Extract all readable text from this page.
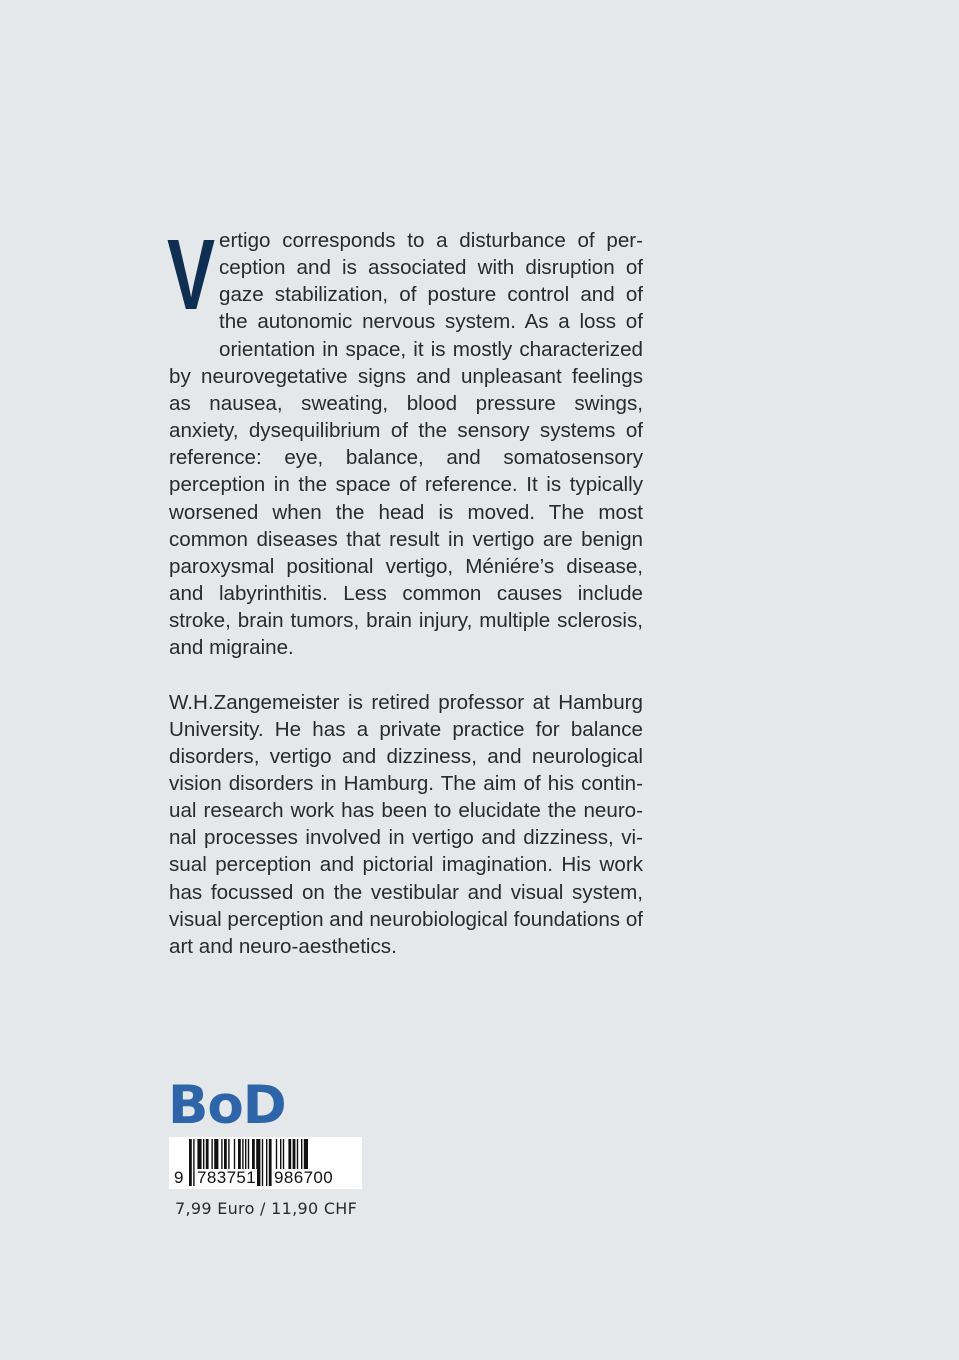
Vertigo corresponds to a disturbance of perception and is associated with disruption of gaze stabilization, of posture control and of the autonomic nervous system. As a loss of orientation in space, it is mostly characterized by neurovegetative signs and unpleasant feelings as nausea, sweating, blood pressure swings, anxiety, dysequilibrium of the sensory systems of reference: eye, balance, and somatosensory perception in the space of reference. It is typically worsened when the head is moved. The most common diseases that result in vertigo are benign paroxysmal positional vertigo, Méniére’s disease, and labyrinthitis. Less common causes include stroke, brain tumors, brain injury, multiple sclerosis, and migraine.

W.H.Zangemeister is retired professor at Hamburg University. He has a private practice for balance disorders, vertigo and dizziness, and neurological vision disorders in Hamburg. The aim of his continual research work has been to elucidate the neuronal processes involved in vertigo and dizziness, visual perception and pictorial imagination. His work has focussed on the vestibular and visual system, visual perception and neurobiological foundations of art and neuro-aesthetics.

BoD
9 783751 986700
7,99 Euro / 11,90 CHF
